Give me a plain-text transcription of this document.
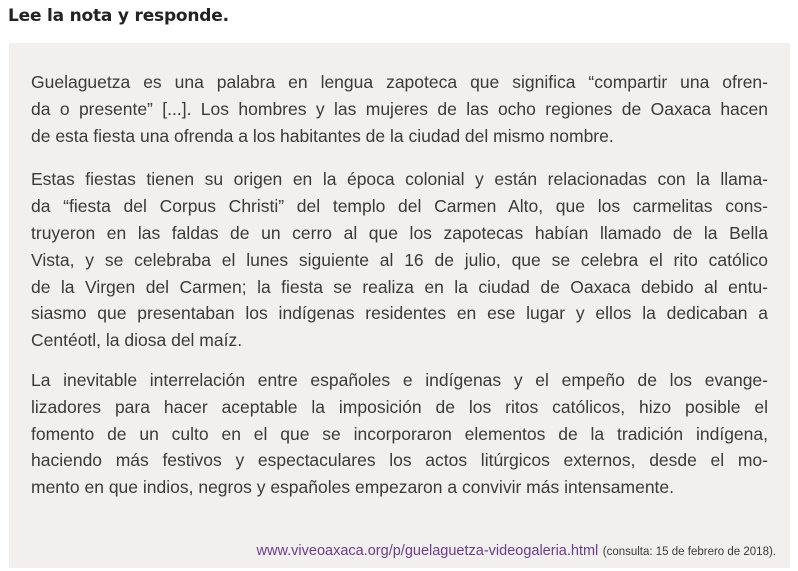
Lee la nota y responde.

Guelaguetza es una palabra en lengua zapoteca que significa “compartir una ofren-
da o presente” [...]. Los hombres y las mujeres de las ocho regiones de Oaxaca hacen
de esta fiesta una ofrenda a los habitantes de la ciudad del mismo nombre.

Estas fiestas tienen su origen en la época colonial y están relacionadas con la llama-
da “fiesta del Corpus Christi” del templo del Carmen Alto, que los carmelitas cons-
truyeron en las faldas de un cerro al que los zapotecas habían llamado de la Bella
Vista, y se celebraba el lunes siguiente al 16 de julio, que se celebra el rito católico
de la Virgen del Carmen; la fiesta se realiza en la ciudad de Oaxaca debido al entu-
siasmo que presentaban los indígenas residentes en ese lugar y ellos la dedicaban a
Centéotl, la diosa del maíz.

La inevitable interrelación entre españoles e indígenas y el empeño de los evange-
lizadores para hacer aceptable la imposición de los ritos católicos, hizo posible el
fomento de un culto en el que se incorporaron elementos de la tradición indígena,
haciendo más festivos y espectaculares los actos litúrgicos externos, desde el mo-
mento en que indios, negros y españoles empezaron a convivir más intensamente.

www.viveoaxaca.org/p/guelaguetza-videogaleria.html (consulta: 15 de febrero de 2018).
